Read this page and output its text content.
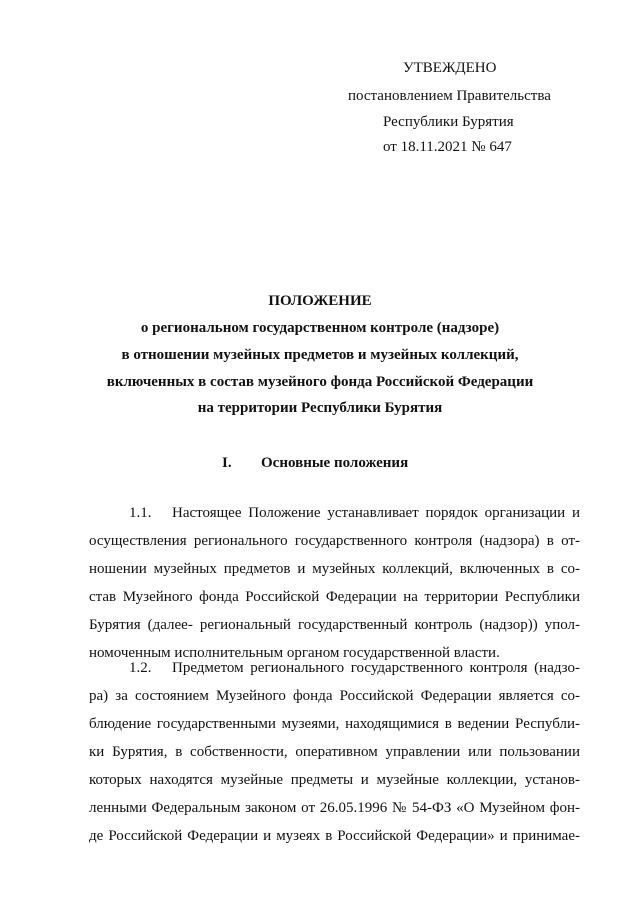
УТВЕЖДЕНО
постановлением Правительства
Республики Бурятия
от 18.11.2021 № 647
ПОЛОЖЕНИЕ
о региональном государственном контроле (надзоре)
в отношении музейных предметов и музейных коллекций,
включенных в состав музейного фонда Российской Федерации
на территории Республики Бурятия
I. Основные положения
1.1. Настоящее Положение устанавливает порядок организации и
осуществления регионального государственного контроля (надзора) в от-
ношении музейных предметов и музейных коллекций, включенных в со-
став Музейного фонда Российской Федерации на территории Республики
Бурятия (далее- региональный государственный контроль (надзор)) упол-
номоченным исполнительным органом государственной власти.
1.2. Предметом регионального государственного контроля (надзо-
ра) за состоянием Музейного фонда Российской Федерации является со-
блюдение государственными музеями, находящимися в ведении Республи-
ки Бурятия, в собственности, оперативном управлении или пользовании
которых находятся музейные предметы и музейные коллекции, установ-
ленными Федеральным законом от 26.05.1996 № 54-ФЗ «О Музейном фон-
де Российской Федерации и музеях в Российской Федерации» и принимае-
